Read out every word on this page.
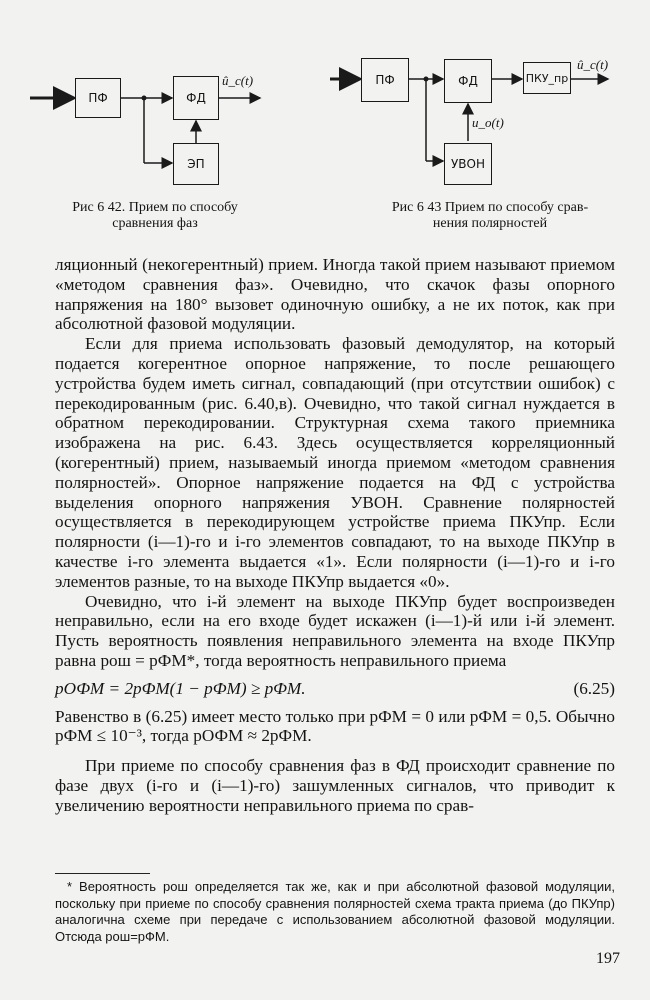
ПФ	ФД
ЭП
û_c(t)
Рис 6 42. Прием по способу
сравнения фаз
ПФ	ФД	ПКУ_пр
УВОН
û_c(t)
u_o(t)
Рис 6 43 Прием по способу срав-
нения полярностей

ляционный (некогерентный) прием. Иногда такой прием называют приемом «методом сравнения фаз». Очевидно, что скачок фазы опорного напряжения на 180° вызовет одиночную ошибку, а не их поток, как при абсолютной фазовой модуляции.

Если для приема использовать фазовый демодулятор, на который подается когерентное опорное напряжение, то после решающего устройства будем иметь сигнал, совпадающий (при отсутствии ошибок) с перекодированным (рис. 6.40,в). Очевидно, что такой сигнал нуждается в обратном перекодировании. Структурная схема такого приемника изображена на рис. 6.43. Здесь осуществляется корреляционный (когерентный) прием, называемый иногда приемом «методом сравнения полярностей». Опорное напряжение подается на ФД с устройства выделения опорного напряжения УВОН. Сравнение полярностей осуществляется в перекодирующем устройстве приема ПКУпр. Если полярности (i—1)-го и i-го элементов совпадают, то на выходе ПКУпр в качестве i-го элемента выдается «1». Если полярности (i—1)-го и i-го элементов разные, то на выходе ПКУпр выдается «0».

Очевидно, что i-й элемент на выходе ПКУпр будет воспроизведен неправильно, если на его входе будет искажен (i—1)-й или i-й элемент. Пусть вероятность появления неправильного элемента на входе ПКУпр равна pош = pФМ*, тогда вероятность неправильного приема

pОФМ = 2pФМ(1 − pФМ) ≥ pФМ.	(6.25)

Равенство в (6.25) имеет место только при pФМ = 0 или pФМ = 0,5. Обычно pФМ ≤ 10⁻³, тогда pОФМ ≈ 2pФМ.

При приеме по способу сравнения фаз в ФД происходит сравнение по фазе двух (i-го и (i—1)-го) зашумленных сигналов, что приводит к увеличению вероятности неправильного приема по срав-

* Вероятность pош определяется так же, как и при абсолютной фазовой модуляции, поскольку при приеме по способу сравнения полярностей схема тракта приема (до ПКУпр) аналогична схеме при передаче с использованием абсолютной фазовой модуляции. Отсюда pош=pФМ.

197
